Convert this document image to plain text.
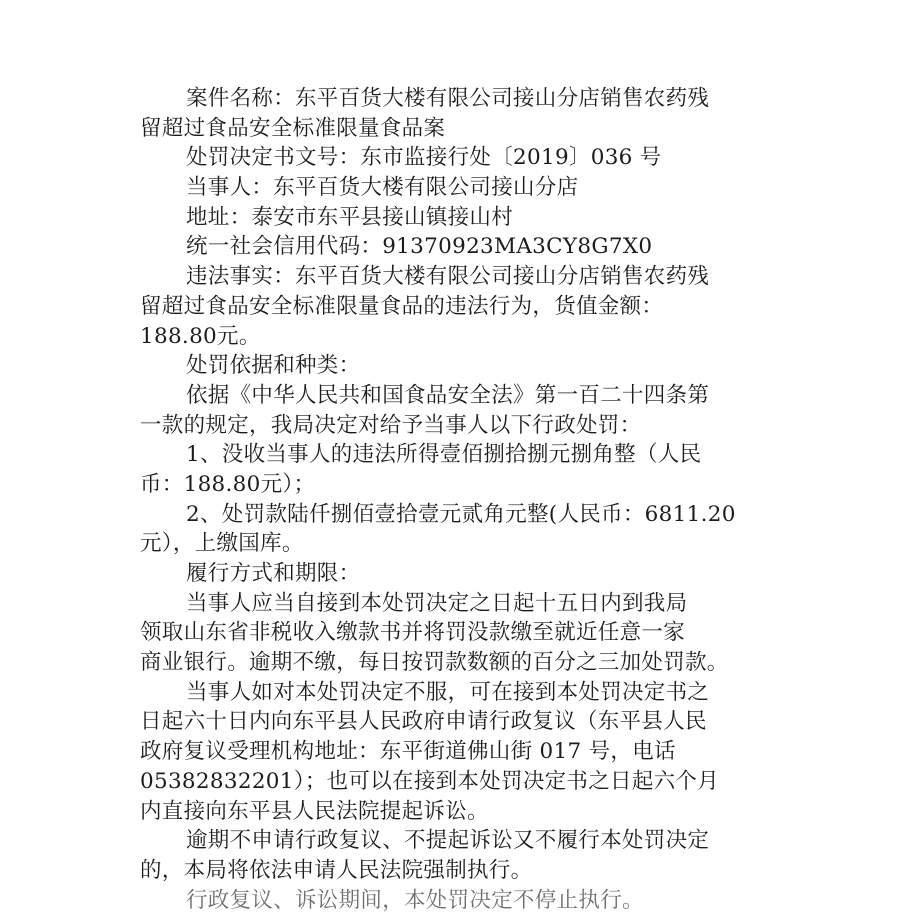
案件名称：东平百货大楼有限公司接山分店销售农药残
留超过食品安全标准限量食品案
处罚决定书文号：东市监接行处〔2019〕036 号
当事人：东平百货大楼有限公司接山分店
地址：泰安市东平县接山镇接山村
统一社会信用代码：91370923MA3CY8G7X0
违法事实：东平百货大楼有限公司接山分店销售农药残
留超过食品安全标准限量食品的违法行为，货值金额：
188.80元。
处罚依据和种类：
依据《中华人民共和国食品安全法》第一百二十四条第
一款的规定，我局决定对给予当事人以下行政处罚：
1、没收当事人的违法所得壹佰捌拾捌元捌角整（人民
币：188.80元）；
2、处罚款陆仟捌佰壹拾壹元贰角元整(人民币：6811.20
元），上缴国库。
履行方式和期限：
当事人应当自接到本处罚决定之日起十五日内到我局
领取山东省非税收入缴款书并将罚没款缴至就近任意一家
商业银行。逾期不缴，每日按罚款数额的百分之三加处罚款。
当事人如对本处罚决定不服，可在接到本处罚决定书之
日起六十日内向东平县人民政府申请行政复议（东平县人民
政府复议受理机构地址：东平街道佛山街 017 号，电话
05382832201）；也可以在接到本处罚决定书之日起六个月
内直接向东平县人民法院提起诉讼。
逾期不申请行政复议、不提起诉讼又不履行本处罚决定
的，本局将依法申请人民法院强制执行。
行政复议、诉讼期间，本处罚决定不停止执行。
